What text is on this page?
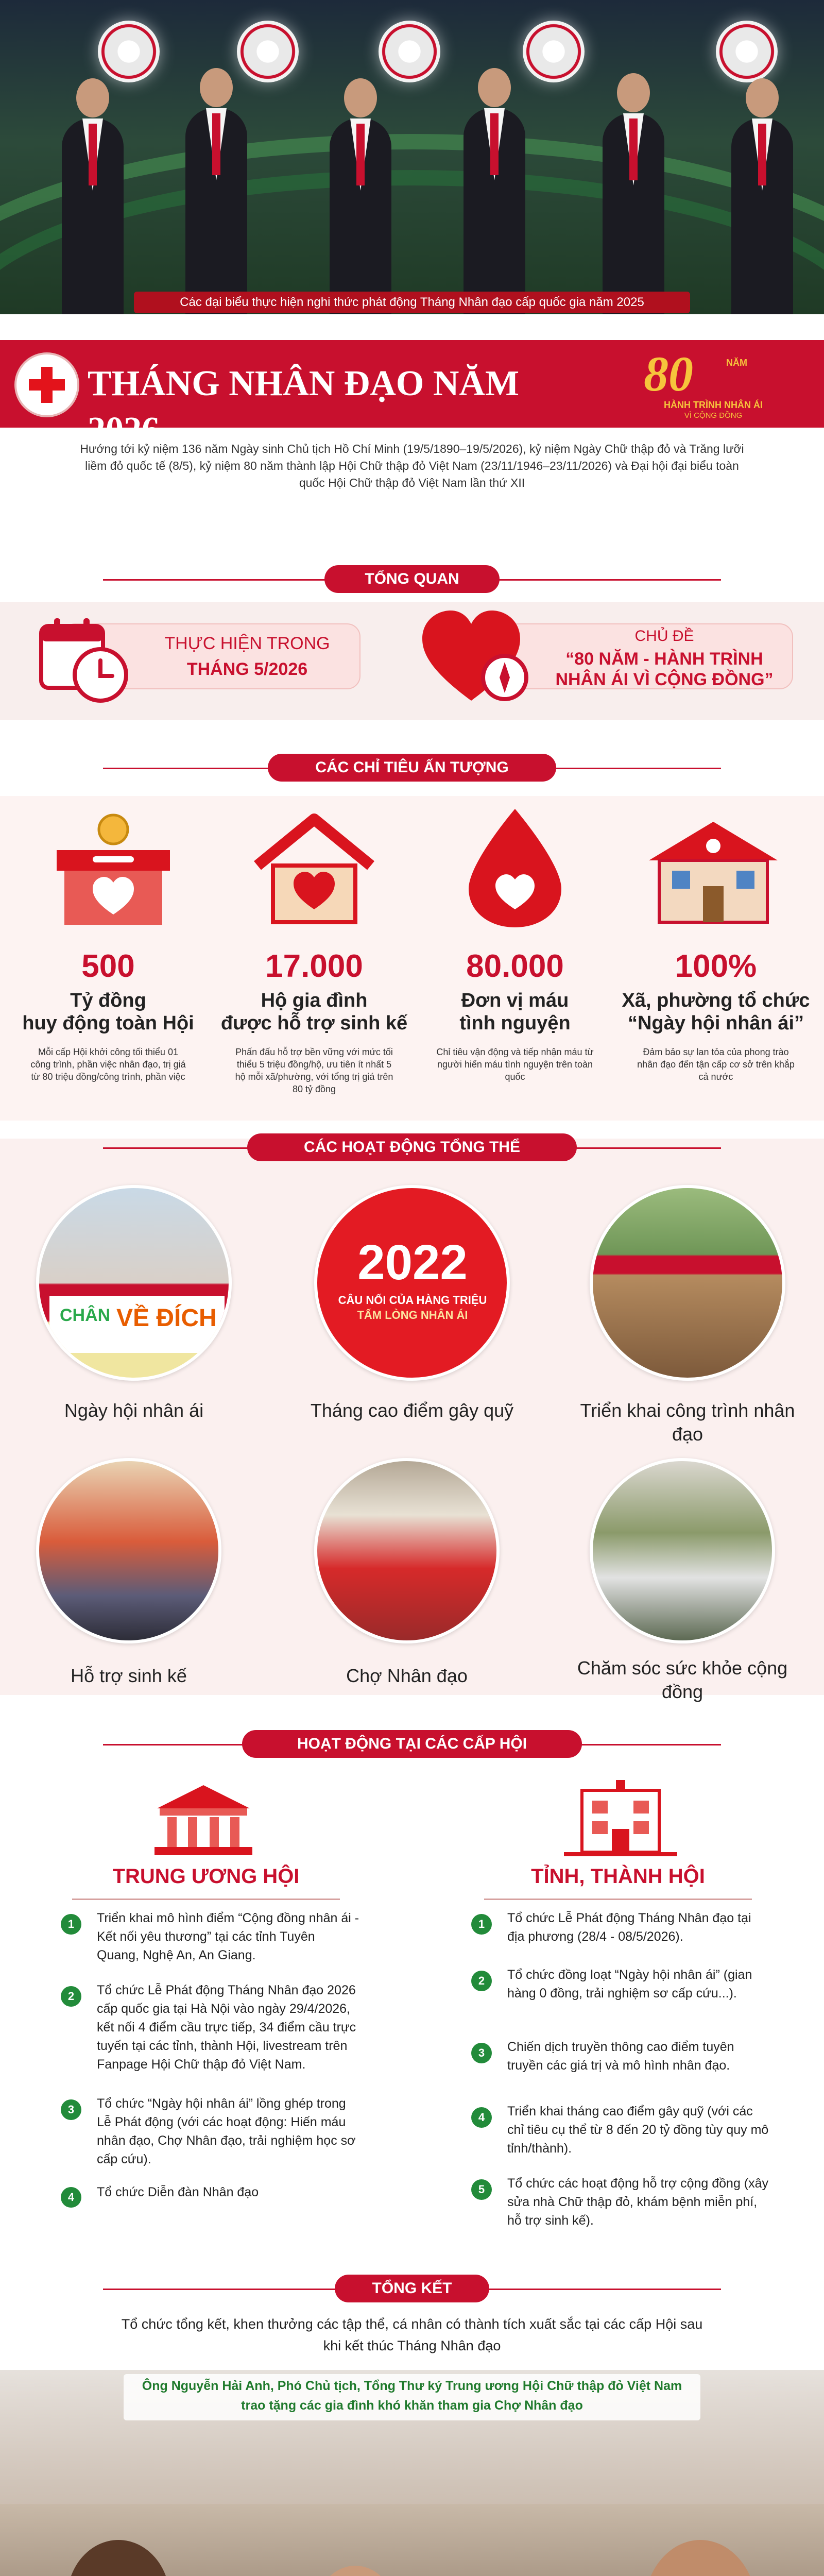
Các đại biểu thực hiện nghi thức phát động Tháng Nhân đạo cấp quốc gia năm 2025
THÁNG NHÂN ĐẠO NĂM 2026
80	NĂM
HÀNH TRÌNH NHÂN ÁI
VÌ CỘNG ĐỒNG
Hướng tới kỷ niệm 136 năm Ngày sinh Chủ tịch Hồ Chí Minh (19/5/1890–19/5/2026), kỷ niệm Ngày Chữ thập đỏ và Trăng lưỡi liềm đỏ quốc tế (8/5), kỷ niệm 80 năm thành lập Hội Chữ thập đỏ Việt Nam (23/11/1946–23/11/2026) và Đại hội đại biểu toàn quốc Hội Chữ thập đỏ Việt Nam lần thứ XII
TỔNG QUAN
THỰC HIỆN TRONG
THÁNG 5/2026
CHỦ ĐỀ
“80 NĂM - HÀNH TRÌNH
NHÂN ÁI VÌ CỘNG ĐỒNG”
CÁC CHỈ TIÊU ẤN TƯỢNG
500
Tỷ đồng
huy động toàn Hội
Mỗi cấp Hội khởi công tối thiểu 01 công trình, phần việc nhân đạo, trị giá từ 80 triệu đồng/công trình, phần việc
17.000
Hộ gia đình
được hỗ trợ sinh kế
Phấn đấu hỗ trợ bền vững với mức tối thiểu 5 triệu đồng/hộ, ưu tiên ít nhất 5 hộ mỗi xã/phường, với tổng trị giá trên 80 tỷ đồng
80.000
Đơn vị máu
tình nguyện
Chỉ tiêu vận động và tiếp nhận máu từ người hiến máu tình nguyện trên toàn quốc
100%
Xã, phường tổ chức
“Ngày hội nhân ái”
Đảm bảo sự lan tỏa của phong trào nhân đạo đến tận cấp cơ sở trên khắp cả nước
CÁC HOẠT ĐỘNG TỔNG THỂ
CHÂN VỀ ĐÍCH
2022
CÂU NỐI CỦA HÀNG TRIỆU
TẤM LÒNG NHÂN ÁI
Ngày hội nhân ái	Tháng cao điểm gây quỹ	Triển khai công trình nhân đạo
Hỗ trợ sinh kế	Chợ Nhân đạo	Chăm sóc sức khỏe cộng đồng
HOẠT ĐỘNG TẠI CÁC CẤP HỘI
TRUNG ƯƠNG HỘI	TỈNH, THÀNH HỘI
1	Triển khai mô hình điểm “Cộng đồng nhân ái - Kết nối yêu thương” tại các tỉnh Tuyên Quang, Nghệ An, An Giang.
2	Tổ chức Lễ Phát động Tháng Nhân đạo 2026 cấp quốc gia tại Hà Nội vào ngày 29/4/2026, kết nối 4 điểm cầu trực tiếp, 34 điểm cầu trực tuyến tại các tỉnh, thành Hội, livestream trên Fanpage Hội Chữ thập đỏ Việt Nam.
3	Tổ chức “Ngày hội nhân ái” lồng ghép trong Lễ Phát động (với các hoạt động: Hiến máu nhân đạo, Chợ Nhân đạo, trải nghiệm học sơ cấp cứu).
4	Tổ chức Diễn đàn Nhân đạo
1	Tổ chức Lễ Phát động Tháng Nhân đạo tại địa phương (28/4 - 08/5/2026).
2	Tổ chức đồng loạt “Ngày hội nhân ái” (gian hàng 0 đồng, trải nghiệm sơ cấp cứu...).
3	Chiến dịch truyền thông cao điểm tuyên truyền các giá trị và mô hình nhân đạo.
4	Triển khai tháng cao điểm gây quỹ (với các chỉ tiêu cụ thể từ 8 đến 20 tỷ đồng tùy quy mô tỉnh/thành).
5	Tổ chức các hoạt động hỗ trợ cộng đồng (xây sửa nhà Chữ thập đỏ, khám bệnh miễn phí, hỗ trợ sinh kế).
TỔNG KẾT
Tổ chức tổng kết, khen thưởng các tập thể, cá nhân có thành tích xuất sắc tại các cấp Hội sau khi kết thúc Tháng Nhân đạo
Ông Nguyễn Hải Anh, Phó Chủ tịch, Tổng Thư ký Trung ương Hội Chữ thập đỏ Việt Nam
trao tặng các gia đình khó khăn tham gia Chợ Nhân đạo
